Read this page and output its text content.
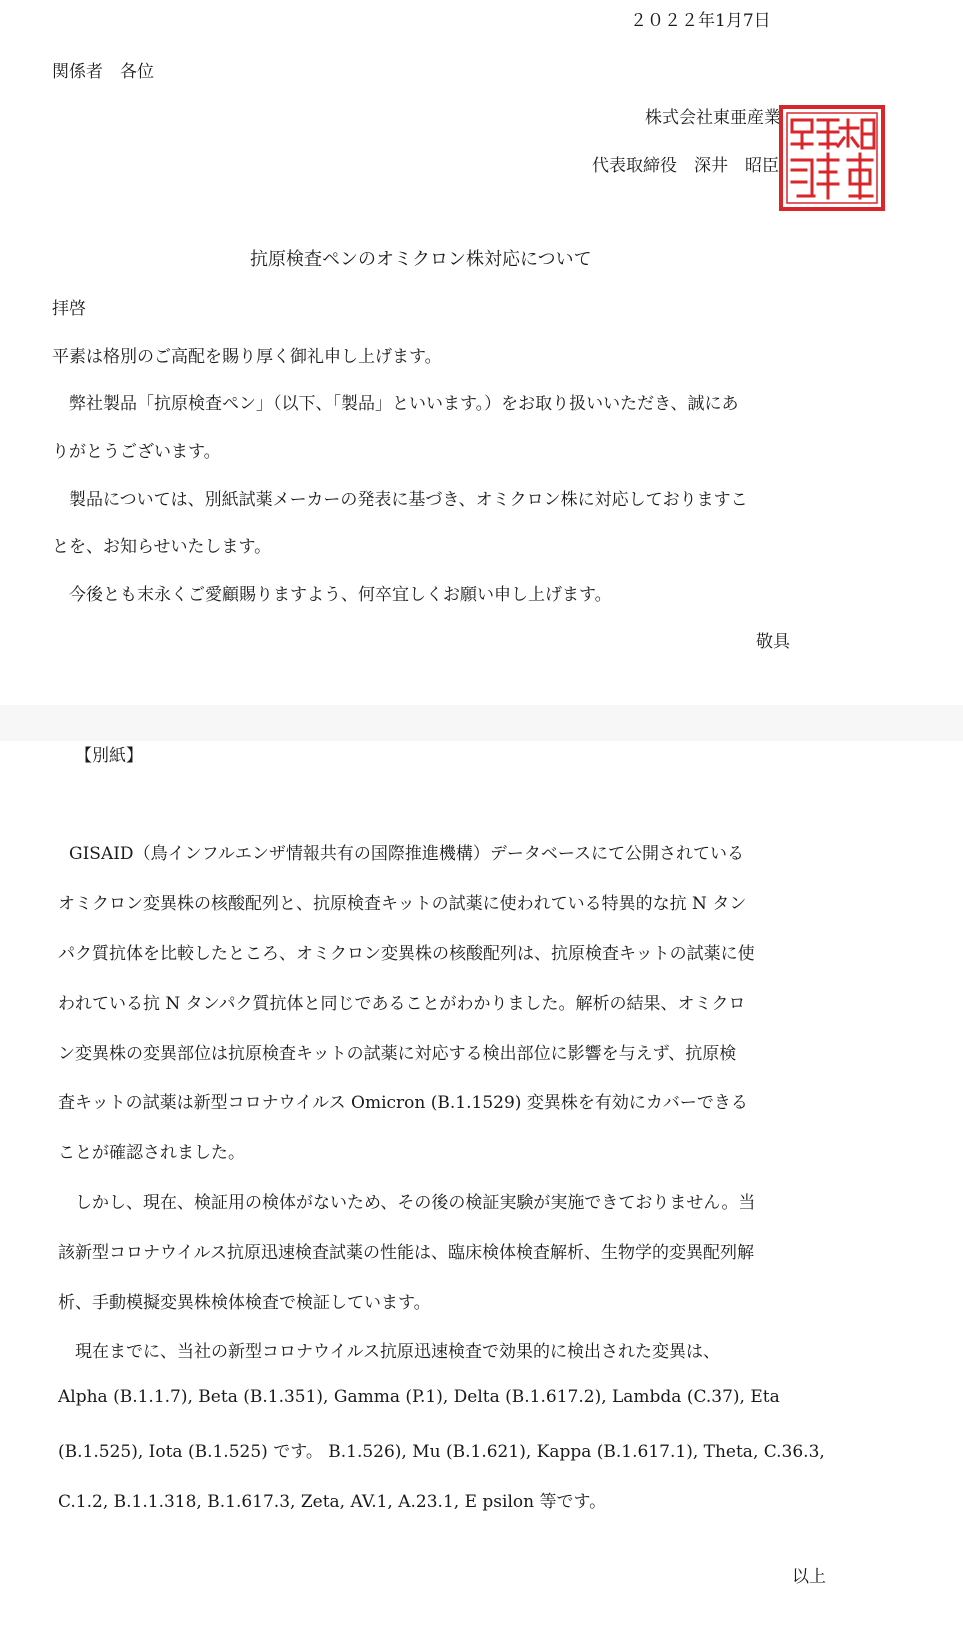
２０２２年1月7日
関係者　各位
株式会社東亜産業
代表取締役　深井　昭臣
抗原検査ペンのオミクロン株対応について
拝啓
平素は格別のご高配を賜り厚く御礼申し上げます。
　弊社製品「抗原検査ペン」（以下、「製品」といいます。）をお取り扱いいただき、誠にあ
りがとうございます。
　製品については、別紙試薬メーカーの発表に基づき、オミクロン株に対応しておりますこ
とを、お知らせいたします。
　今後とも末永くご愛顧賜りますよう、何卒宜しくお願い申し上げます。
敬具
【別紙】
　GISAID（鳥インフルエンザ情報共有の国際推進機構）データベースにて公開されている
オミクロン変異株の核酸配列と、抗原検査キットの試薬に使われている特異的な抗 N タン
パク質抗体を比較したところ、オミクロン変異株の核酸配列は、抗原検査キットの試薬に使
われている抗 N タンパク質抗体と同じであることがわかりました。解析の結果、オミクロ
ン変異株の変異部位は抗原検査キットの試薬に対応する検出部位に影響を与えず、抗原検
査キットの試薬は新型コロナウイルス Omicron (B.1.1529) 変異株を有効にカバーできる
ことが確認されました。
　しかし、現在、検証用の検体がないため、その後の検証実験が実施できておりません。当
該新型コロナウイルス抗原迅速検査試薬の性能は、臨床検体検査解析、生物学的変異配列解
析、手動模擬変異株検体検査で検証しています。
　現在までに、当社の新型コロナウイルス抗原迅速検査で効果的に検出された変異は、
Alpha (B.1.1.7), Beta (B.1.351), Gamma (P.1), Delta (B.1.617.2), Lambda (C.37), Eta
(B.1.525), Iota (B.1.525) です。 B.1.526), Mu (B.1.621), Kappa (B.1.617.1), Theta, C.36.3,
C.1.2, B.1.1.318, B.1.617.3, Zeta, AV.1, A.23.1, E psilon 等です。
以上
